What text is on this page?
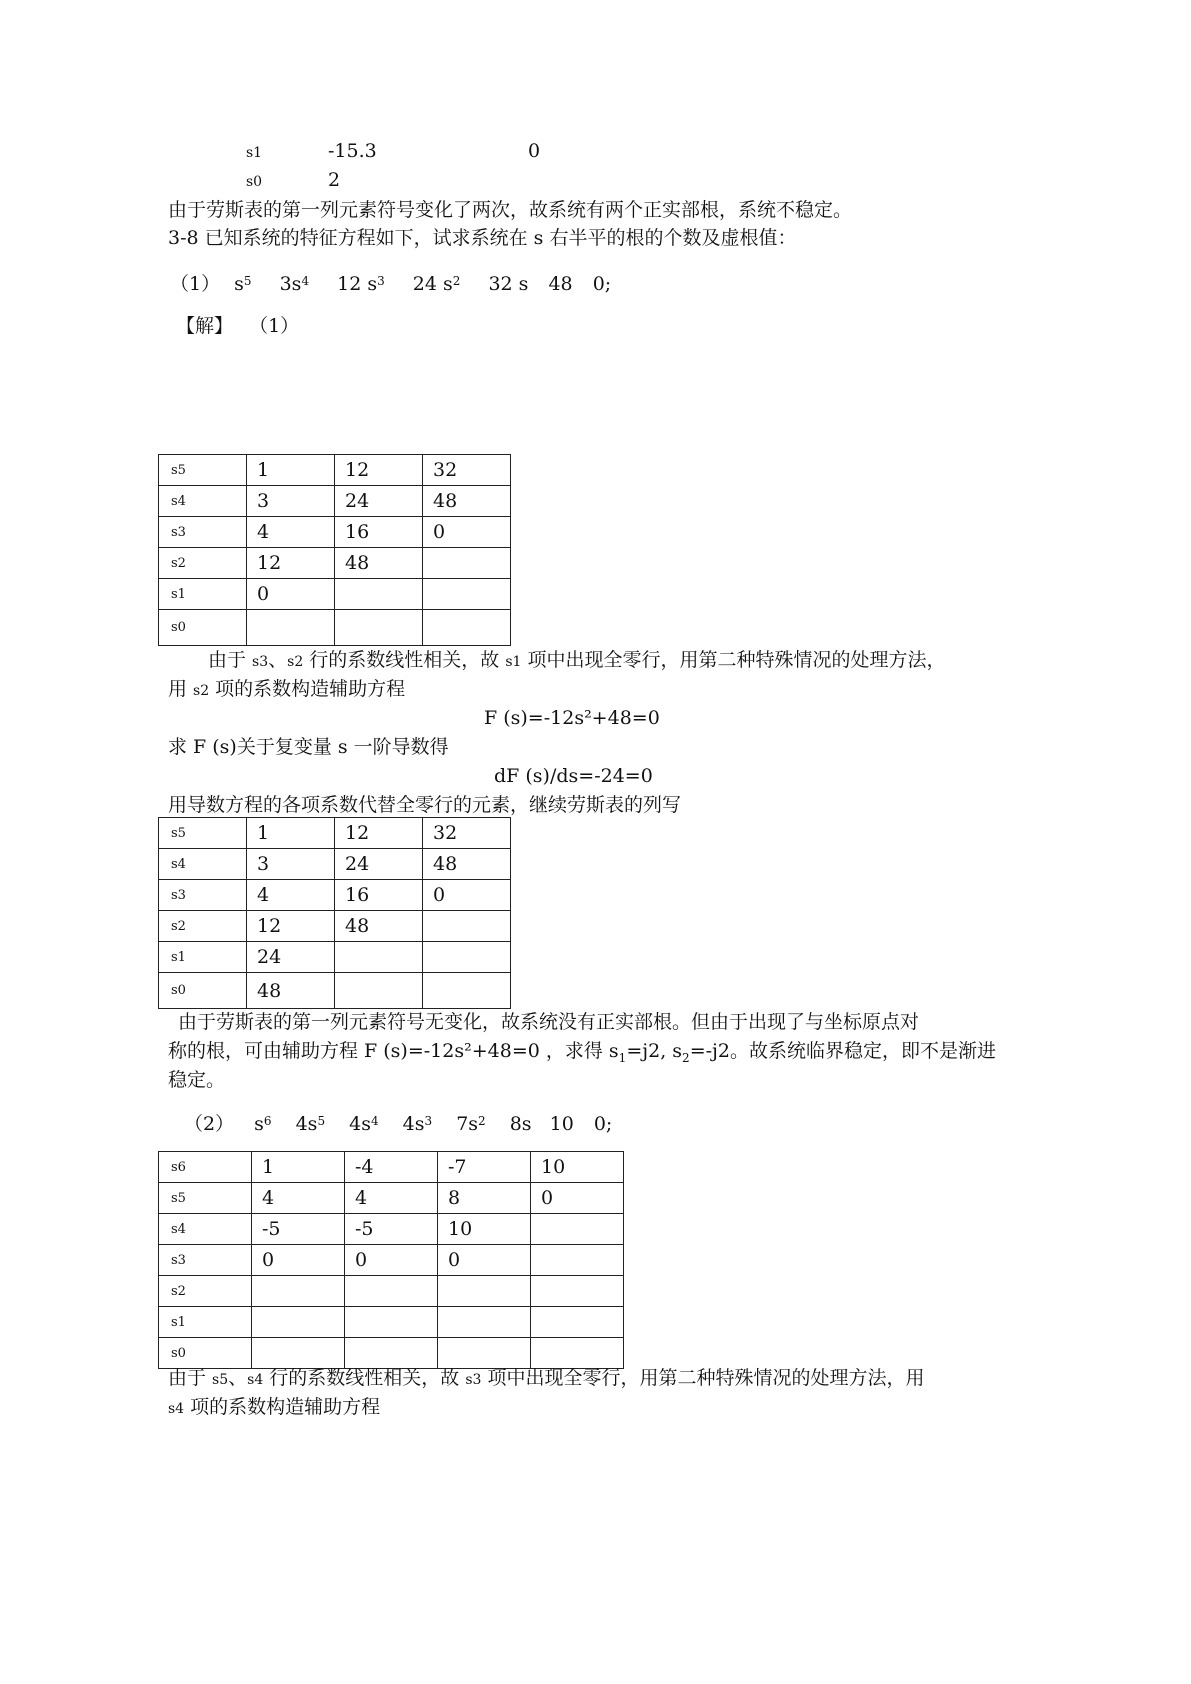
s1	-15.3	0
s0	2
由于劳斯表的第一列元素符号变化了两次，故系统有两个正实部根，系统不稳定。
3-8 已知系统的特征方程如下，试求系统在 s 右半平的根的个数及虚根值：
（1） $s^5$ $3s^4$ 12 $s^3$ 24 $s^2$ 32 s 48 0;
【解】 （1）
s5	1	12	32
s4	3	24	48
s3	4	16	0
s2	12	48	
s1	0		
s0			
由于 s3、s2 行的系数线性相关，故 s1 项中出现全零行，用第二种特殊情况的处理方法，
用 s2 项的系数构造辅助方程
F (s)=-12s²+48=0
求 F (s)关于复变量 s 一阶导数得
dF (s)/ds=-24=0
用导数方程的各项系数代替全零行的元素，继续劳斯表的列写
s5	1	12	32
s4	3	24	48
s3	4	16	0
s2	12	48	
s1	24		
s0	48		
由于劳斯表的第一列元素符号无变化，故系统没有正实部根。但由于出现了与坐标原点对
称的根，可由辅助方程 F (s)=-12s²+48=0 ，求得 $s_1=j2$, $s_2=-j2$。故系统临界稳定，即不是渐进
稳定。
（2） $s^6$ $4s^5$ $4s^4$ $4s^3$ $7s^2$ 8s 10 0;
s6	1	-4	-7	10
s5	4	4	8	0
s4	-5	-5	10	
s3	0	0	0	
s2				
s1				
s0				
由于 s5、s4 行的系数线性相关，故 s3 项中出现全零行，用第二种特殊情况的处理方法，用
s4 项的系数构造辅助方程
